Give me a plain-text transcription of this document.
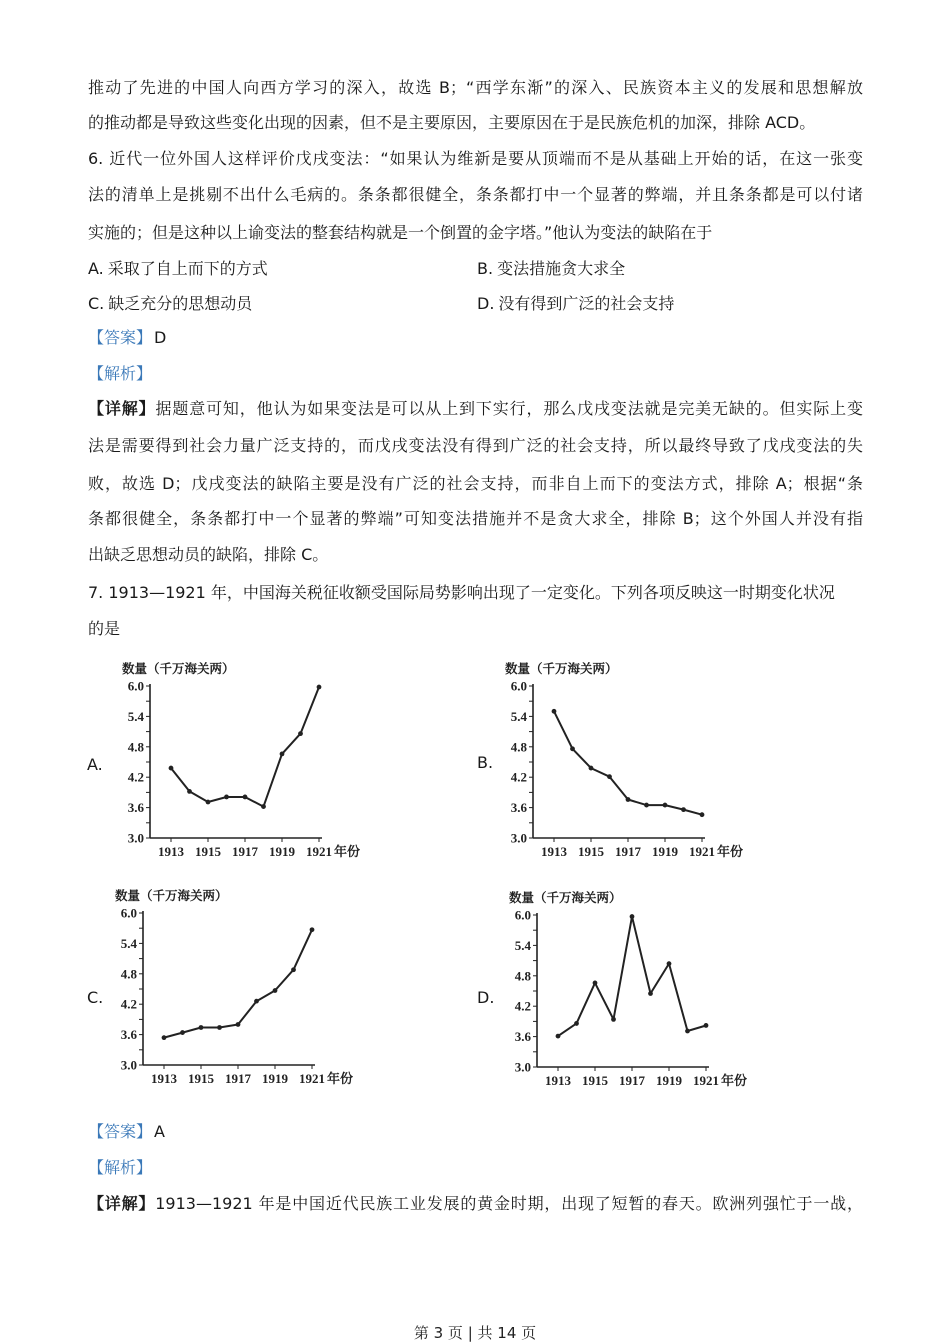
推动了先进的中国人向西方学习的深入，故选 B；“西学东渐”的深入、民族资本主义的发展和思想解放
的推动都是导致这些变化出现的因素，但不是主要原因，主要原因在于是民族危机的加深，排除 ACD。
6. 近代一位外国人这样评价戊戌变法：“如果认为维新是要从顶端而不是从基础上开始的话，在这一张变
法的清单上是挑剔不出什么毛病的。条条都很健全，条条都打中一个显著的弊端，并且条条都是可以付诸
实施的；但是这种以上谕变法的整套结构就是一个倒置的金字塔。”他认为变法的缺陷在于
A. 采取了自上而下的方式	B. 变法措施贪大求全
C. 缺乏充分的思想动员	D. 没有得到广泛的社会支持
【答案】 D
【解析】
【详解】据题意可知，他认为如果变法是可以从上到下实行，那么戊戌变法就是完美无缺的。但实际上变
法是需要得到社会力量广泛支持的，而戊戌变法没有得到广泛的社会支持，所以最终导致了戊戌变法的失
败，故选 D；戊戌变法的缺陷主要是没有广泛的社会支持，而非自上而下的变法方式，排除 A；根据“条
条都很健全，条条都打中一个显著的弊端”可知变法措施并不是贪大求全，排除 B；这个外国人并没有指
出缺乏思想动员的缺陷，排除 C。
7. 1913—1921 年，中国海关税征收额受国际局势影响出现了一定变化。下列各项反映这一时期变化状况
的是
A.
数量（千万海关两）
3.0
3.6
4.2
4.8
5.4
6.0
1913 1915 1917 1919 1921 年份
B.
数量（千万海关两）
3.0
3.6
4.2
4.8
5.4
6.0
1913 1915 1917 1919 1921 年份
C.
数量（千万海关两）
3.0
3.6
4.2
4.8
5.4
6.0
1913 1915 1917 1919 1921 年份
D.
数量（千万海关两）
3.0
3.6
4.2
4.8
5.4
6.0
1913 1915 1917 1919 1921 年份
【答案】 A
【解析】
【详解】1913—1921 年是中国近代民族工业发展的黄金时期，出现了短暂的春天。欧洲列强忙于一战，
第 3 页 | 共 14 页
